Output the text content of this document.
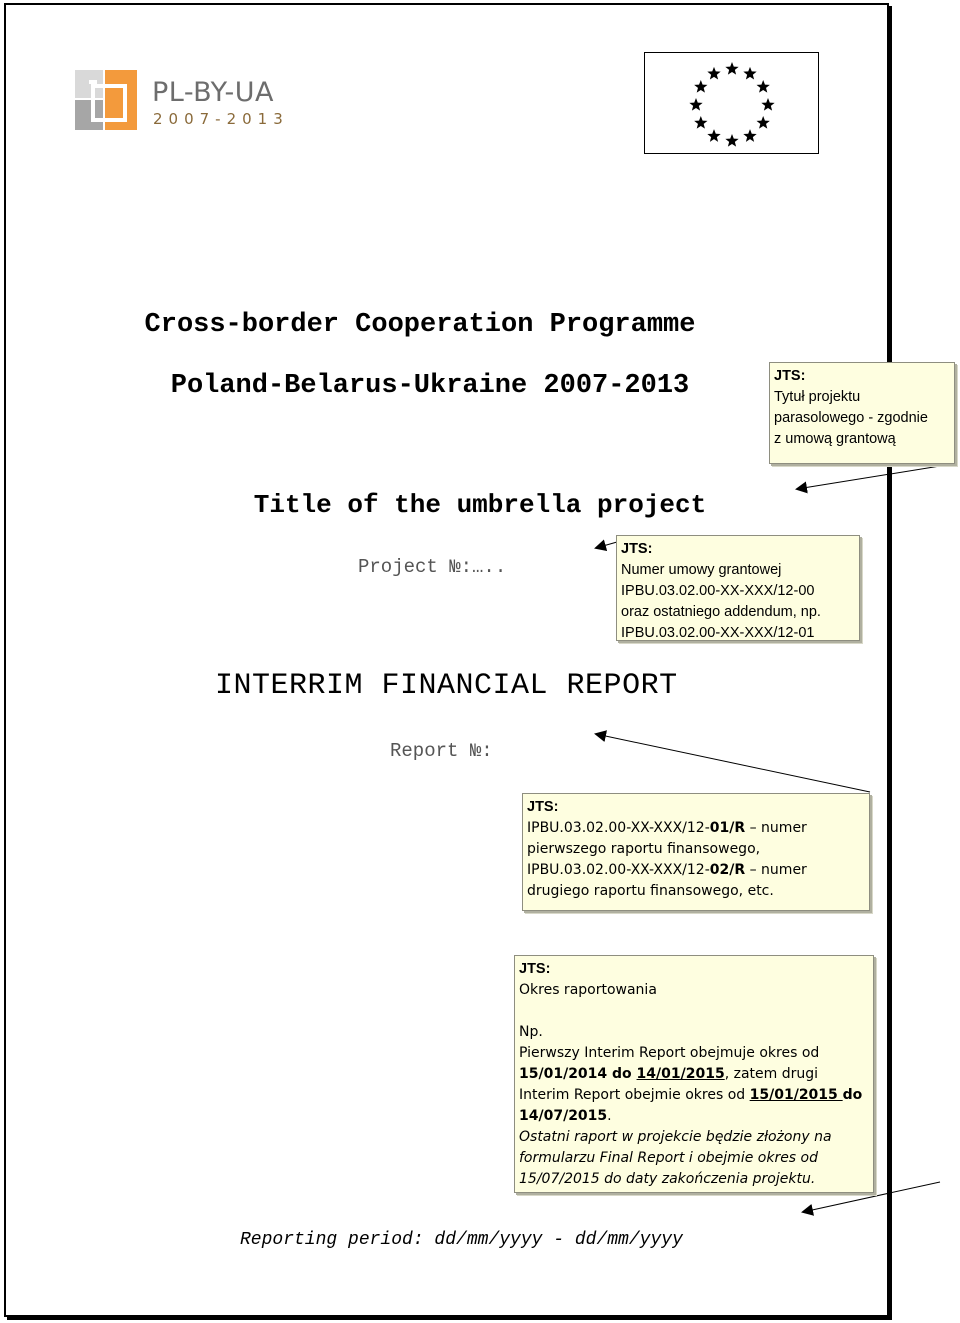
PL-BY-UA
2007-2013
Cross-border Cooperation Programme
Poland-Belarus-Ukraine 2007-2013
Title of the umbrella project
Project №:…..
INTERRIM FINANCIAL REPORT
Report №:
Reporting period: dd/mm/yyyy - dd/mm/yyyy
JTS:
Tytuł projektu
parasolowego - zgodnie
z umową grantową
JTS:
Numer umowy grantowej
IPBU.03.02.00-XX-XXX/12-00
oraz ostatniego addendum, np.
IPBU.03.02.00-XX-XXX/12-01
JTS:
IPBU.03.02.00-XX-XXX/12-01/R – numer
pierwszego raportu finansowego,
IPBU.03.02.00-XX-XXX/12-02/R – numer
drugiego raportu finansowego, etc.
JTS:
Okres raportowania
Np.
Pierwszy Interim Report obejmuje okres od
15/01/2014 do 14/01/2015, zatem drugi
Interim Report obejmie okres od 15/01/2015 do
14/07/2015.
Ostatni raport w projekcie będzie złożony na
formularzu Final Report i obejmie okres od
15/07/2015 do daty zakończenia projektu.
